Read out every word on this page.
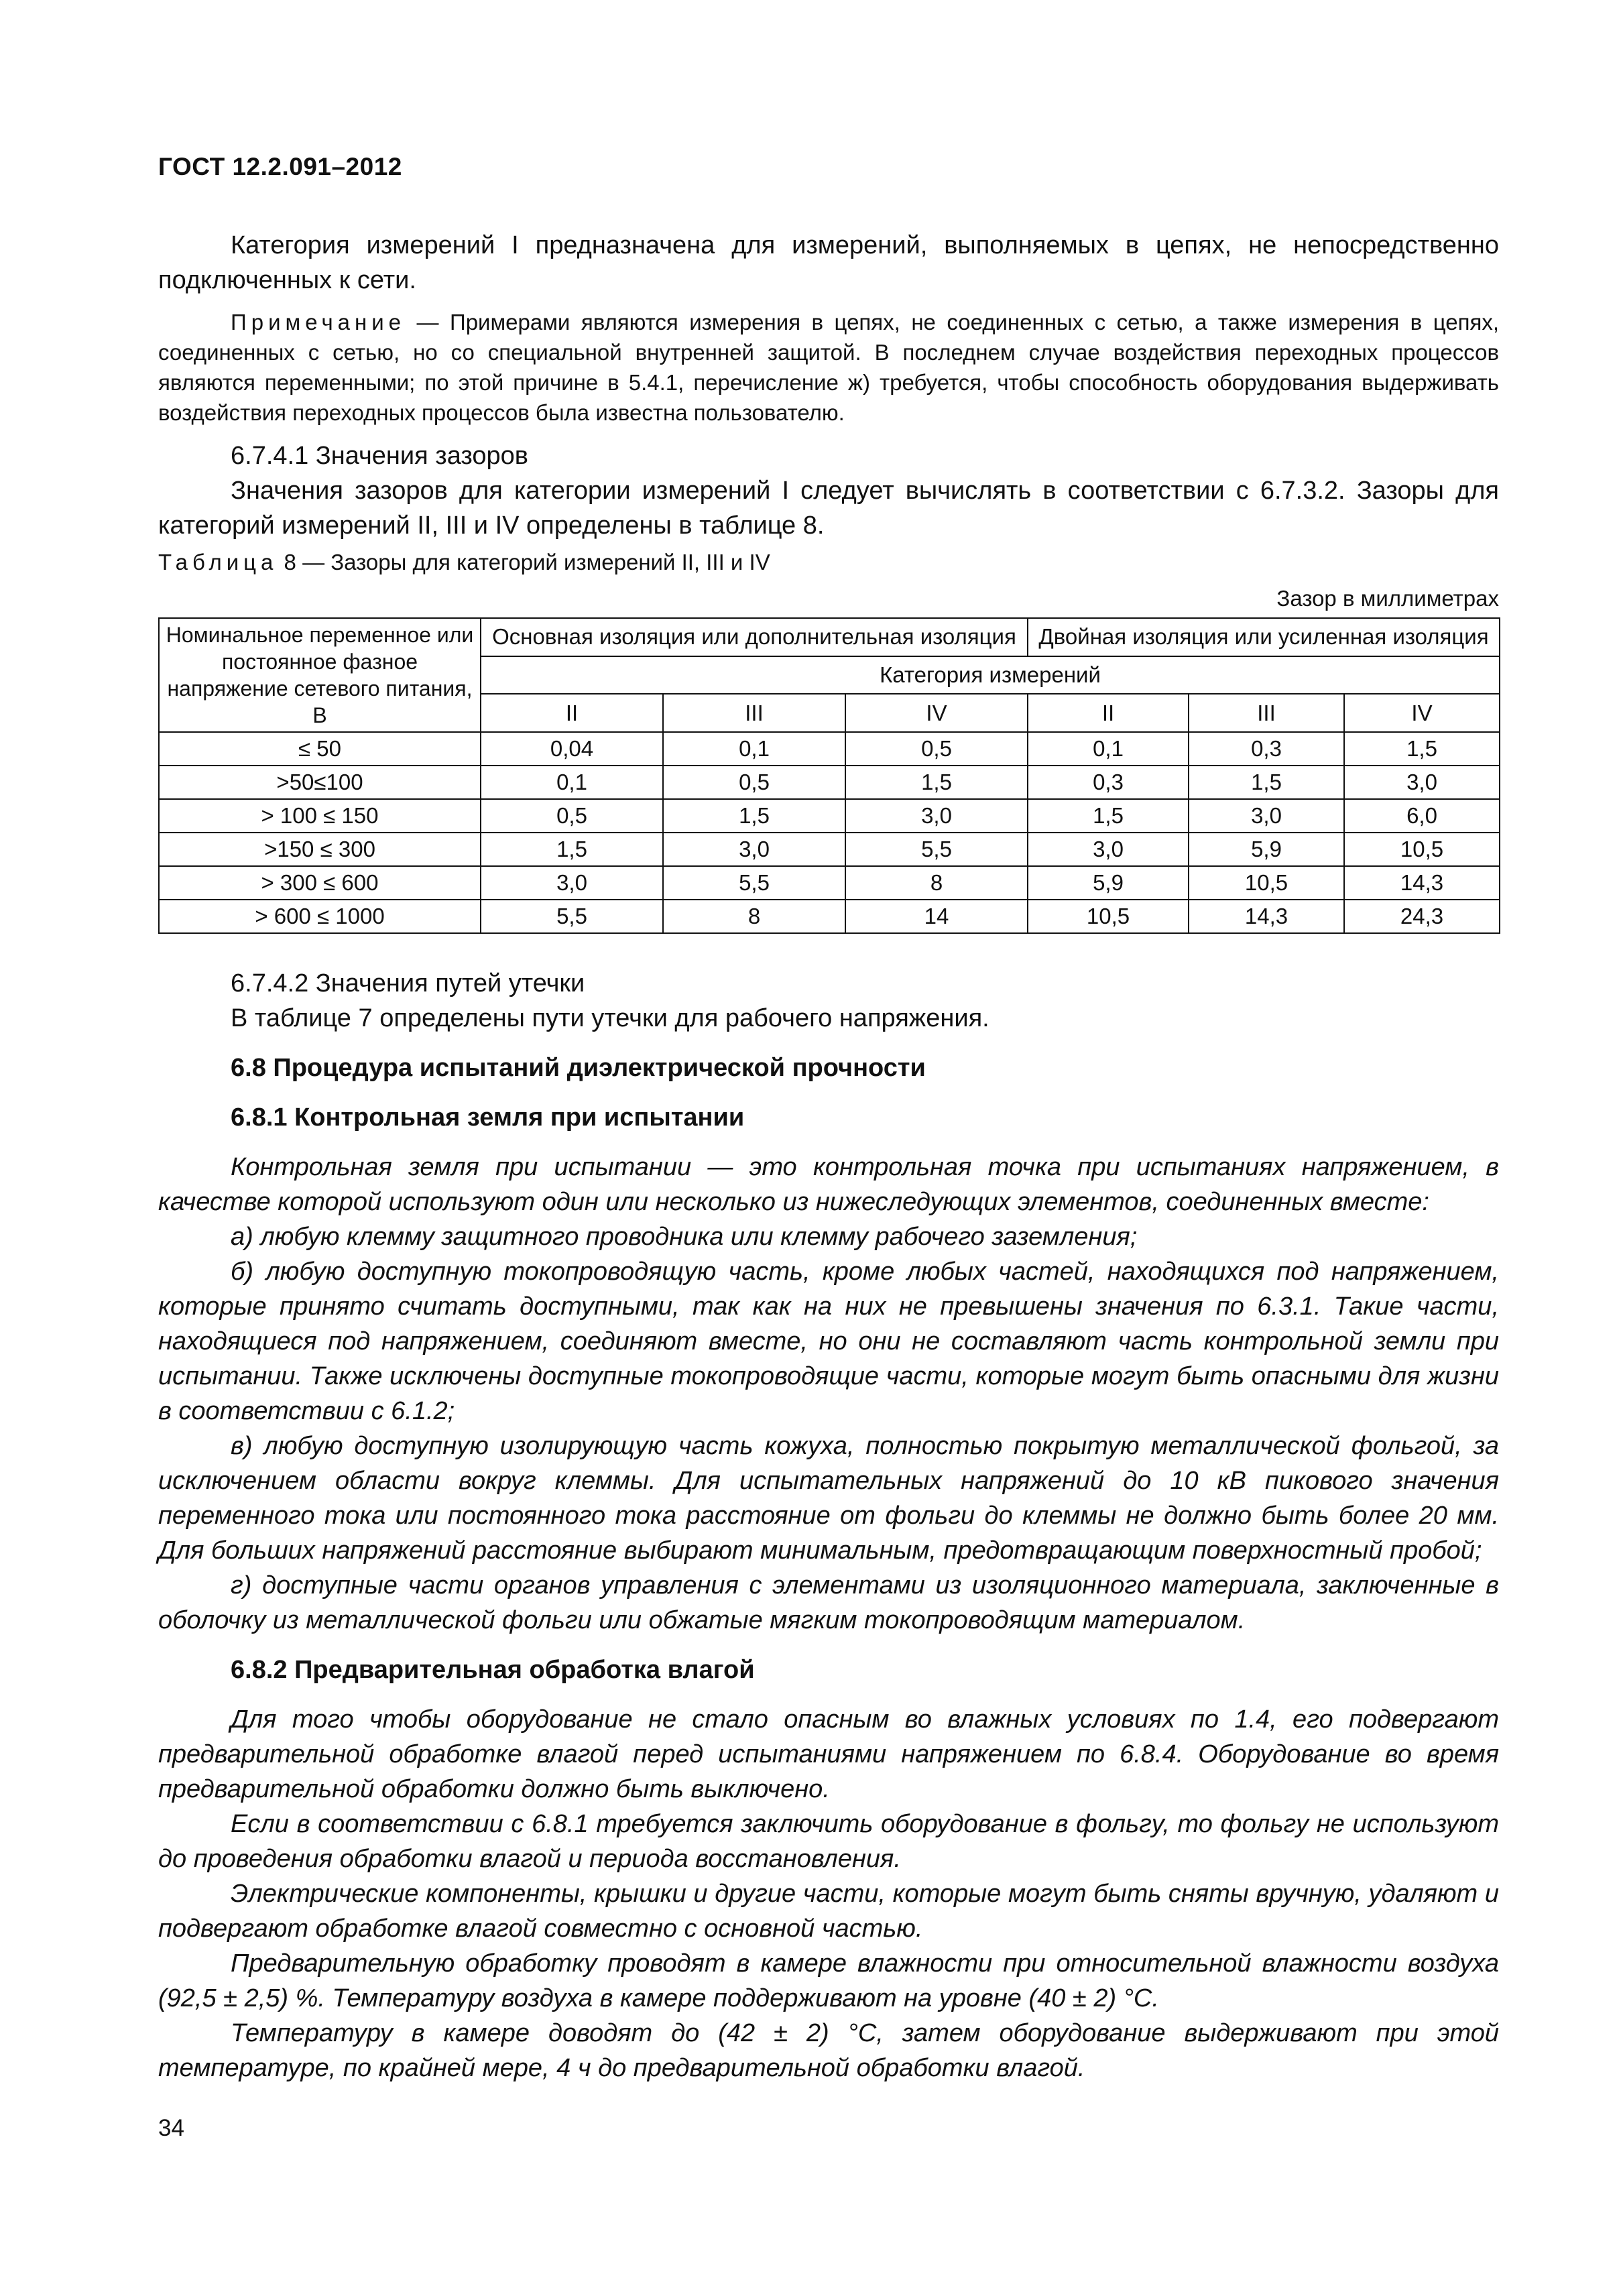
ГОСТ 12.2.091–2012

Категория измерений I предназначена для измерений, выполняемых в цепях, не непосредственно подключенных к сети.

Примечание — Примерами являются измерения в цепях, не соединенных с сетью, а также измерения в цепях, соединенных с сетью, но со специальной внутренней защитой. В последнем случае воздействия переходных процессов являются переменными; по этой причине в 5.4.1, перечисление ж) требуется, чтобы способность оборудования выдерживать воздействия переходных процессов была известна пользователю.

6.7.4.1 Значения зазоров

Значения зазоров для категории измерений I следует вычислять в соответствии с 6.7.3.2. Зазоры для категорий измерений II, III и IV определены в таблице 8.

Таблица 8 — Зазоры для категорий измерений II, III и IV
Зазор в миллиметрах
Номинальное переменное или постоянное фазное напряжение сетевого питания, В	Основная изоляция или дополнительная изоляция			Двойная изоляция или усиленная изоляция		
	Категория измерений					
	II	III	IV	II	III	IV
≤ 50	0,04	0,1	0,5	0,1	0,3	1,5
>50≤100	0,1	0,5	1,5	0,3	1,5	3,0
> 100 ≤ 150	0,5	1,5	3,0	1,5	3,0	6,0
>150 ≤ 300	1,5	3,0	5,5	3,0	5,9	10,5
> 300 ≤ 600	3,0	5,5	8	5,9	10,5	14,3
> 600 ≤ 1000	5,5	8	14	10,5	14,3	24,3

6.7.4.2 Значения путей утечки

В таблице 7 определены пути утечки для рабочего напряжения.

6.8 Процедура испытаний диэлектрической прочности

6.8.1 Контрольная земля при испытании

Контрольная земля при испытании — это контрольная точка при испытаниях напряжением, в качестве которой используют один или несколько из нижеследующих элементов, соединенных вместе:

а) любую клемму защитного проводника или клемму рабочего заземления;

б) любую доступную токопроводящую часть, кроме любых частей, находящихся под напряжением, которые принято считать доступными, так как на них не превышены значения по 6.3.1. Такие части, находящиеся под напряжением, соединяют вместе, но они не составляют часть контрольной земли при испытании. Также исключены доступные токопроводящие части, которые могут быть опасными для жизни в соответствии с 6.1.2;

в) любую доступную изолирующую часть кожуха, полностью покрытую металлической фольгой, за исключением области вокруг клеммы. Для испытательных напряжений до 10 кВ пикового значения переменного тока или постоянного тока расстояние от фольги до клеммы не должно быть более 20 мм. Для больших напряжений расстояние выбирают минимальным, предотвращающим поверхностный пробой;

г) доступные части органов управления с элементами из изоляционного материала, заключенные в оболочку из металлической фольги или обжатые мягким токопроводящим материалом.

6.8.2 Предварительная обработка влагой

Для того чтобы оборудование не стало опасным во влажных условиях по 1.4, его подвергают предварительной обработке влагой перед испытаниями напряжением по 6.8.4. Оборудование во время предварительной обработки должно быть выключено.

Если в соответствии с 6.8.1 требуется заключить оборудование в фольгу, то фольгу не используют до проведения обработки влагой и периода восстановления.

Электрические компоненты, крышки и другие части, которые могут быть сняты вручную, удаляют и подвергают обработке влагой совместно с основной частью.

Предварительную обработку проводят в камере влажности при относительной влажности воздуха (92,5 ± 2,5) %. Температуру воздуха в камере поддерживают на уровне (40 ± 2) °С.

Температуру в камере доводят до (42 ± 2) °С, затем оборудование выдерживают при этой температуре, по крайней мере, 4 ч до предварительной обработки влагой.

34
